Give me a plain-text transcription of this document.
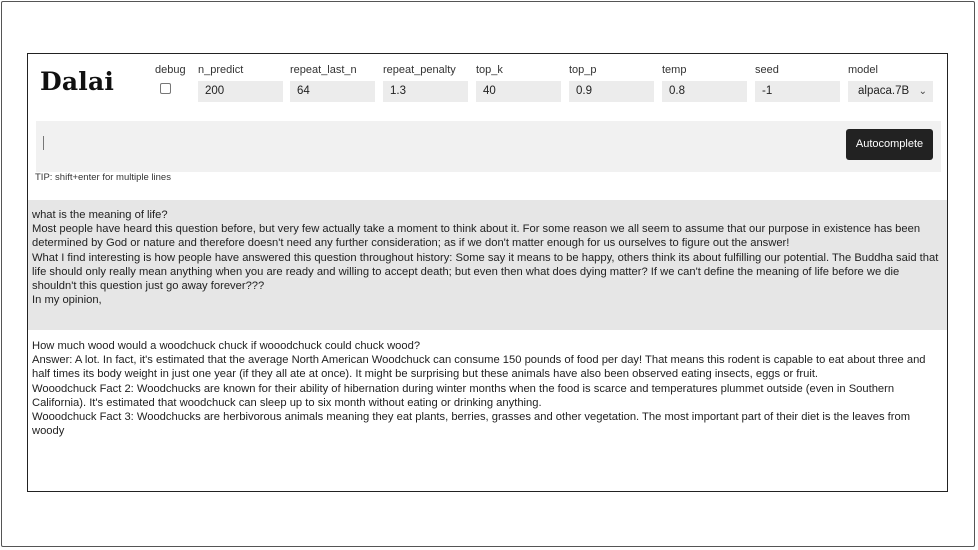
Dalai	debug	n_predict
200
repeat_last_n
64
repeat_penalty
1.3
top_k
40
top_p
0.9
temp
0.8
seed
-1
model
alpaca.7B ⌄
Autocomplete
TIP: shift+enter for multiple lines
what is the meaning of life?
Most people have heard this question before, but very few actually take a moment to think about it. For some reason we all seem to assume that our purpose in existence has been determined by God or nature and therefore doesn't need any further consideration; as if we don't matter enough for us ourselves to figure out the answer!
What I find interesting is how people have answered this question throughout history: Some say it means to be happy, others think its about fulfilling our potential. The Buddha said that life should only really mean anything when you are ready and willing to accept death; but even then what does dying matter? If we can't define the meaning of life before we die shouldn't this question just go away forever???
In my opinion,
How much wood would a woodchuck chuck if wooodchuck could chuck wood?
Answer: A lot. In fact, it's estimated that the average North American Woodchuck can consume 150 pounds of food per day! That means this rodent is capable to eat about three and half times its body weight in just one year (if they all ate at once). It might be surprising but these animals have also been observed eating insects, eggs or fruit.
Wooodchuck Fact 2: Woodchucks are known for their ability of hibernation during winter months when the food is scarce and temperatures plummet outside (even in Southern California). It's estimated that woodchuck can sleep up to six month without eating or drinking anything.
Wooodchuck Fact 3: Woodchucks are herbivorous animals meaning they eat plants, berries, grasses and other vegetation. The most important part of their diet is the leaves from woody
